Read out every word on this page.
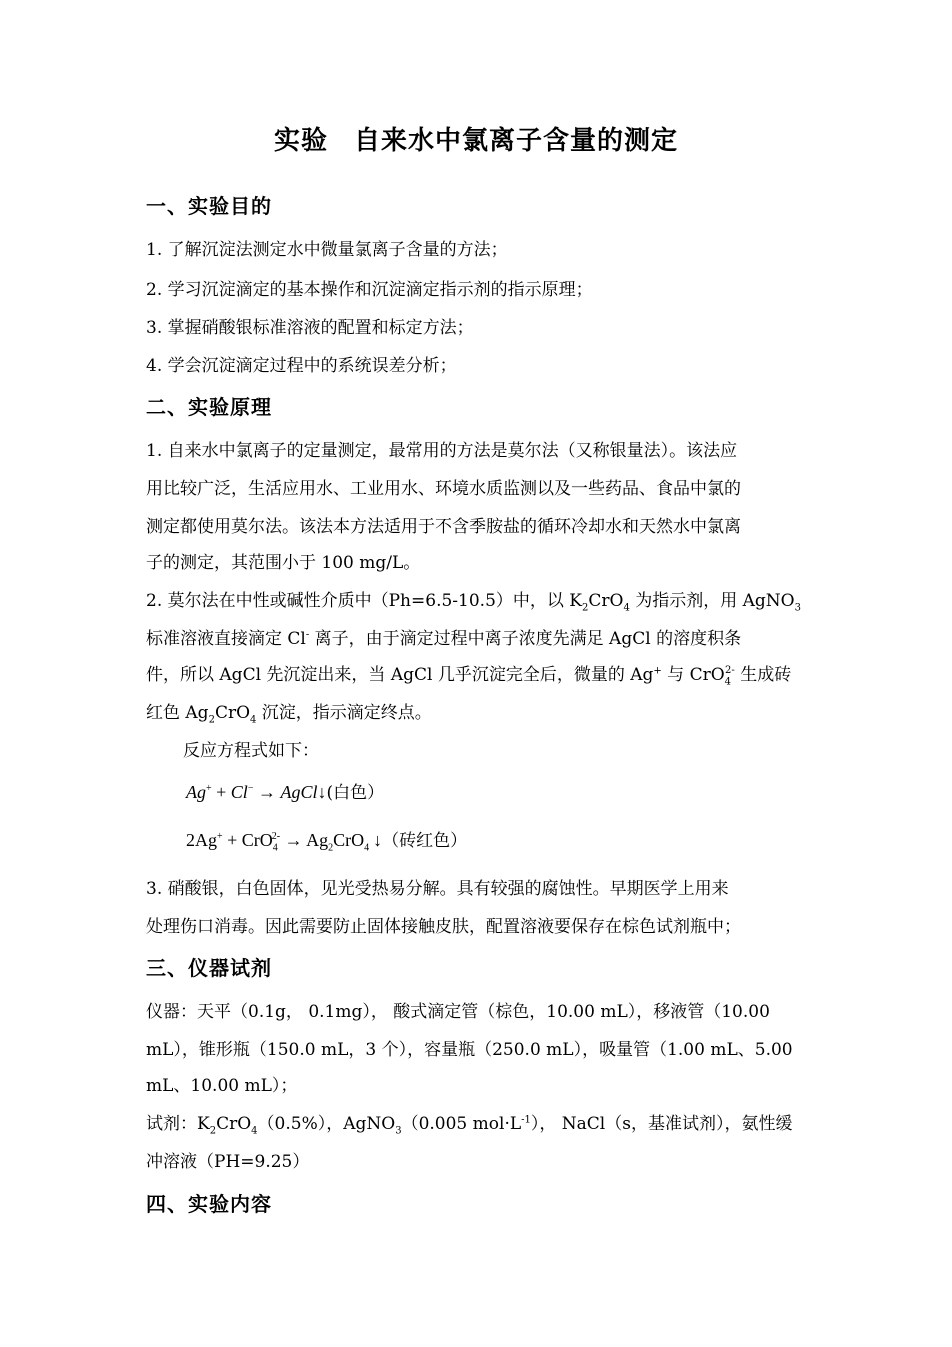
实验 自来水中氯离子含量的测定
一、实验目的
1. 了解沉淀法测定水中微量氯离子含量的方法；
2. 学习沉淀滴定的基本操作和沉淀滴定指示剂的指示原理；
3. 掌握硝酸银标准溶液的配置和标定方法；
4. 学会沉淀滴定过程中的系统误差分析；
二、实验原理
1. 自来水中氯离子的定量测定，最常用的方法是莫尔法（又称银量法）。该法应
用比较广泛，生活应用水、工业用水、环境水质监测以及一些药品、食品中氯的
测定都使用莫尔法。该法本方法适用于不含季胺盐的循环冷却水和天然水中氯离
子的测定，其范围小于 100 mg/L。
2. 莫尔法在中性或碱性介质中（Ph=6.5-10.5）中，以 $K_2CrO_4$ 为指示剂，用 AgNO$_3$
标准溶液直接滴定 Cl- 离子，由于滴定过程中离子浓度先满足 AgCl 的溶度积条
件，所以 AgCl 先沉淀出来，当 AgCl 几乎沉淀完全后，微量的 Ag+ 与 CrO$_4^{2-}$ 生成砖
红色 $Ag_2CrO_4$ 沉淀，指示滴定终点。
反应方程式如下：
Ag+ + Cl− → AgCl↓(白色）
$2Ag^+ + CrO_4^{2-} \to Ag_2CrO_4$ ↓（砖红色）
3. 硝酸银，白色固体，见光受热易分解。具有较强的腐蚀性。早期医学上用来
处理伤口消毒。因此需要防止固体接触皮肤，配置溶液要保存在棕色试剂瓶中；
三、仪器试剂
仪器：天平（0.1g， 0.1mg）， 酸式滴定管（棕色，10.00 mL），移液管（10.00
mL），锥形瓶（150.0 mL，3 个），容量瓶（250.0 mL），吸量管（1.00 mL、5.00
mL、10.00 mL）；
试剂：$K_2CrO_4(0.5\%)$，AgNO$_3$（0.005 $mol\cdot L^{-1}$）， NaCl（s，基准试剂），氨性缓
冲溶液（PH=9.25）
四、实验内容
